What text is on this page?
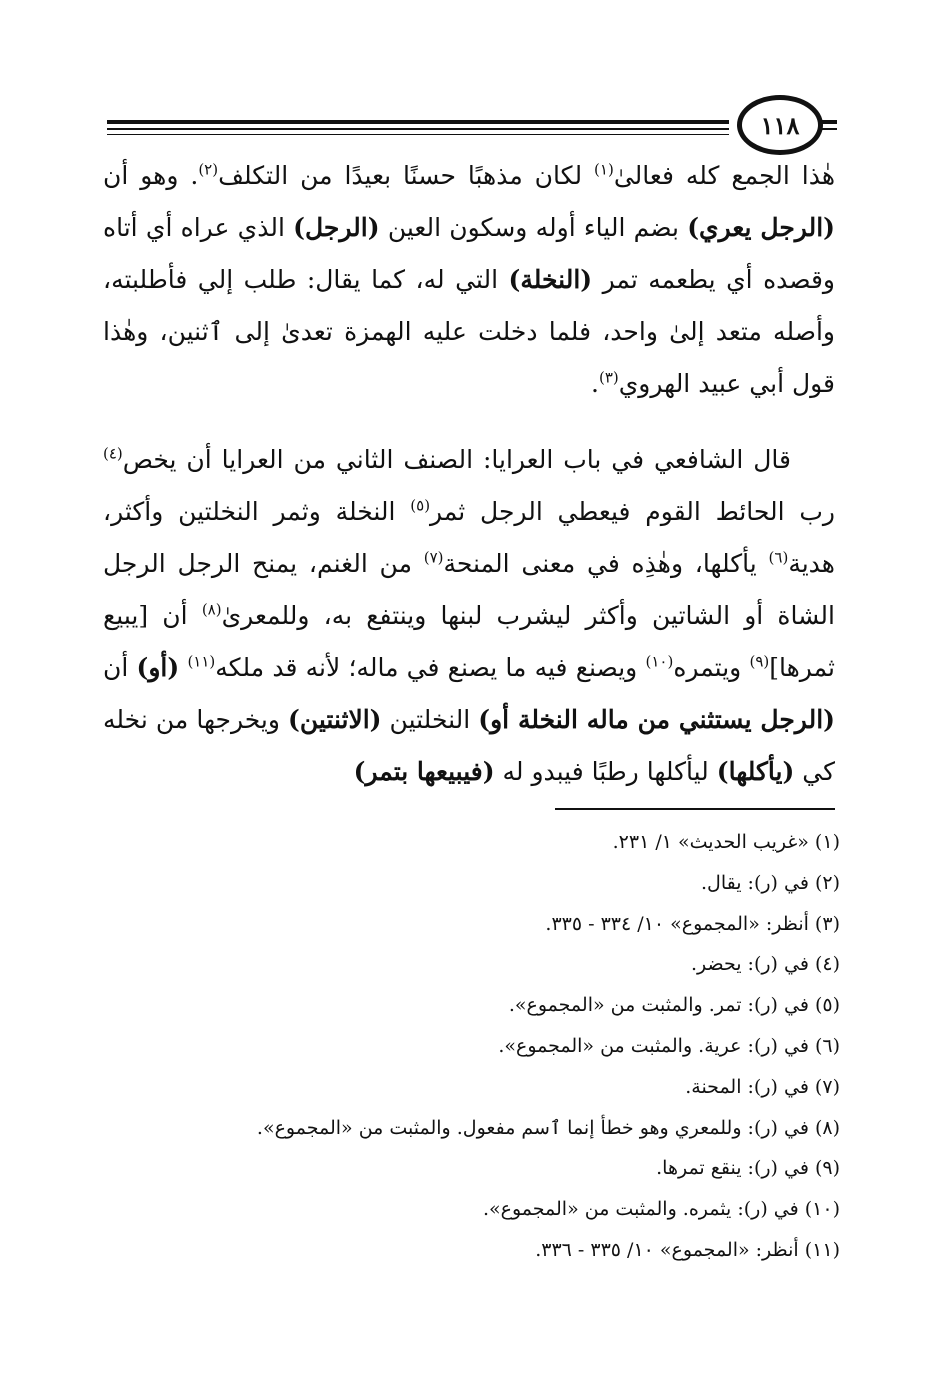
١١٨

هٰذا الجمع كله فعالىٰ$^{(١)}$ لكان مذهبًا حسنًا بعيدًا من التكلف$^{(٢)}$. وهو أن (الرجل يعري) بضم الياء أوله وسكون العين (الرجل) الذي عراه أي أتاه وقصده أي يطعمه تمر (النخلة) التي له، كما يقال: طلب إلي فأطلبته، وأصله متعد إلىٰ واحد، فلما دخلت عليه الهمزة تعدىٰ إلى ٱثنين، وهٰذا قول أبي عبيد الهروي$^{(٣)}$.

قال الشافعي في باب العرايا: الصنف الثاني من العرايا أن يخص$^{(٤)}$ رب الحائط القوم فيعطي الرجل ثمر$^{(٥)}$ النخلة وثمر النخلتين وأكثر، هدية$^{(٦)}$ يأكلها، وهٰذِه في معنى المنحة$^{(٧)}$ من الغنم، يمنح الرجل الرجل الشاة أو الشاتين وأكثر ليشرب لبنها وينتفع به، وللمعرىٰ$^{(٨)}$ أن [يبيع ثمرها]$^{(٩)}$ ويتمره$^{(١٠)}$ ويصنع فيه ما يصنع في ماله؛ لأنه قد ملكه$^{(١١)}$ (أو) أن (الرجل يستثني من ماله النخلة أو) النخلتين (الاثنتين) ويخرجها من نخله كي (يأكلها) ليأكلها رطبًا فيبدو له (فيبيعها بتمر)

(١) «غريب الحديث» ١/ ٢٣١.
(٢) في (ر): يقال.
(٣) أنظر: «المجموع» ١٠/ ٣٣٤ - ٣٣٥.
(٤) في (ر): يحضر.
(٥) في (ر): تمر. والمثبت من «المجموع».
(٦) في (ر): عرية. والمثبت من «المجموع».
(٧) في (ر): المحنة.
(٨) في (ر): وللمعري وهو خطأ إنما ٱسم مفعول. والمثبت من «المجموع».
(٩) في (ر): ينقع تمرها.
(١٠) في (ر): يثمره. والمثبت من «المجموع».
(١١) أنظر: «المجموع» ١٠/ ٣٣٥ - ٣٣٦.
